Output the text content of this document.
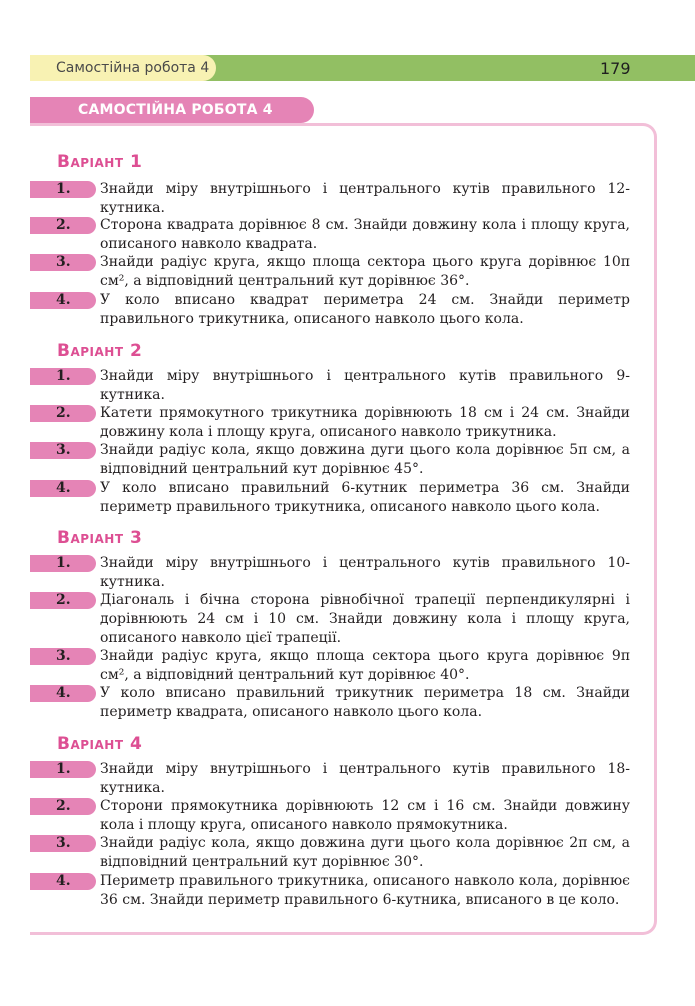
Самостійна робота 4	179
САМОСТІЙНА РОБОТА 4
Варіант 1
1.	Знайди міру внутрішнього і центрального кутів правильного 12-кутника.
2.	Сторона квадрата дорівнює 8 см. Знайди довжину кола і площу круга, описаного навколо квадрата.
3.	Знайди радіус круга, якщо площа сектора цього круга дорівнює 10π см², а відповідний центральний кут дорівнює 36°.
4.	У коло вписано квадрат периметра 24 см. Знайди периметр правильного трикутника, описаного навколо цього кола.
Варіант 2
1.	Знайди міру внутрішнього і центрального кутів правильного 9-кутника.
2.	Катети прямокутного трикутника дорівнюють 18 см і 24 см. Знайди довжину кола і площу круга, описаного навколо трикутника.
3.	Знайди радіус кола, якщо довжина дуги цього кола дорівнює 5π см, а відповідний центральний кут дорівнює 45°.
4.	У коло вписано правильний 6-кутник периметра 36 см. Знайди периметр правильного трикутника, описаного навколо цього кола.
Варіант 3
1.	Знайди міру внутрішнього і центрального кутів правильного 10-кутника.
2.	Діагональ і бічна сторона рівнобічної трапеції перпендикулярні і дорівнюють 24 см і 10 см. Знайди довжину кола і площу круга, описаного навколо цієї трапеції.
3.	Знайди радіус круга, якщо площа сектора цього круга дорівнює 9π см², а відповідний центральний кут дорівнює 40°.
4.	У коло вписано правильний трикутник периметра 18 см. Знайди периметр квадрата, описаного навколо цього кола.
Варіант 4
1.	Знайди міру внутрішнього і центрального кутів правильного 18-кутника.
2.	Сторони прямокутника дорівнюють 12 см і 16 см. Знайди довжину кола і площу круга, описаного навколо прямокутника.
3.	Знайди радіус кола, якщо довжина дуги цього кола дорівнює 2π см, а відповідний центральний кут дорівнює 30°.
4.	Периметр правильного трикутника, описаного навколо кола, дорівнює 36 см. Знайди периметр правильного 6-кутника, вписаного в це коло.
